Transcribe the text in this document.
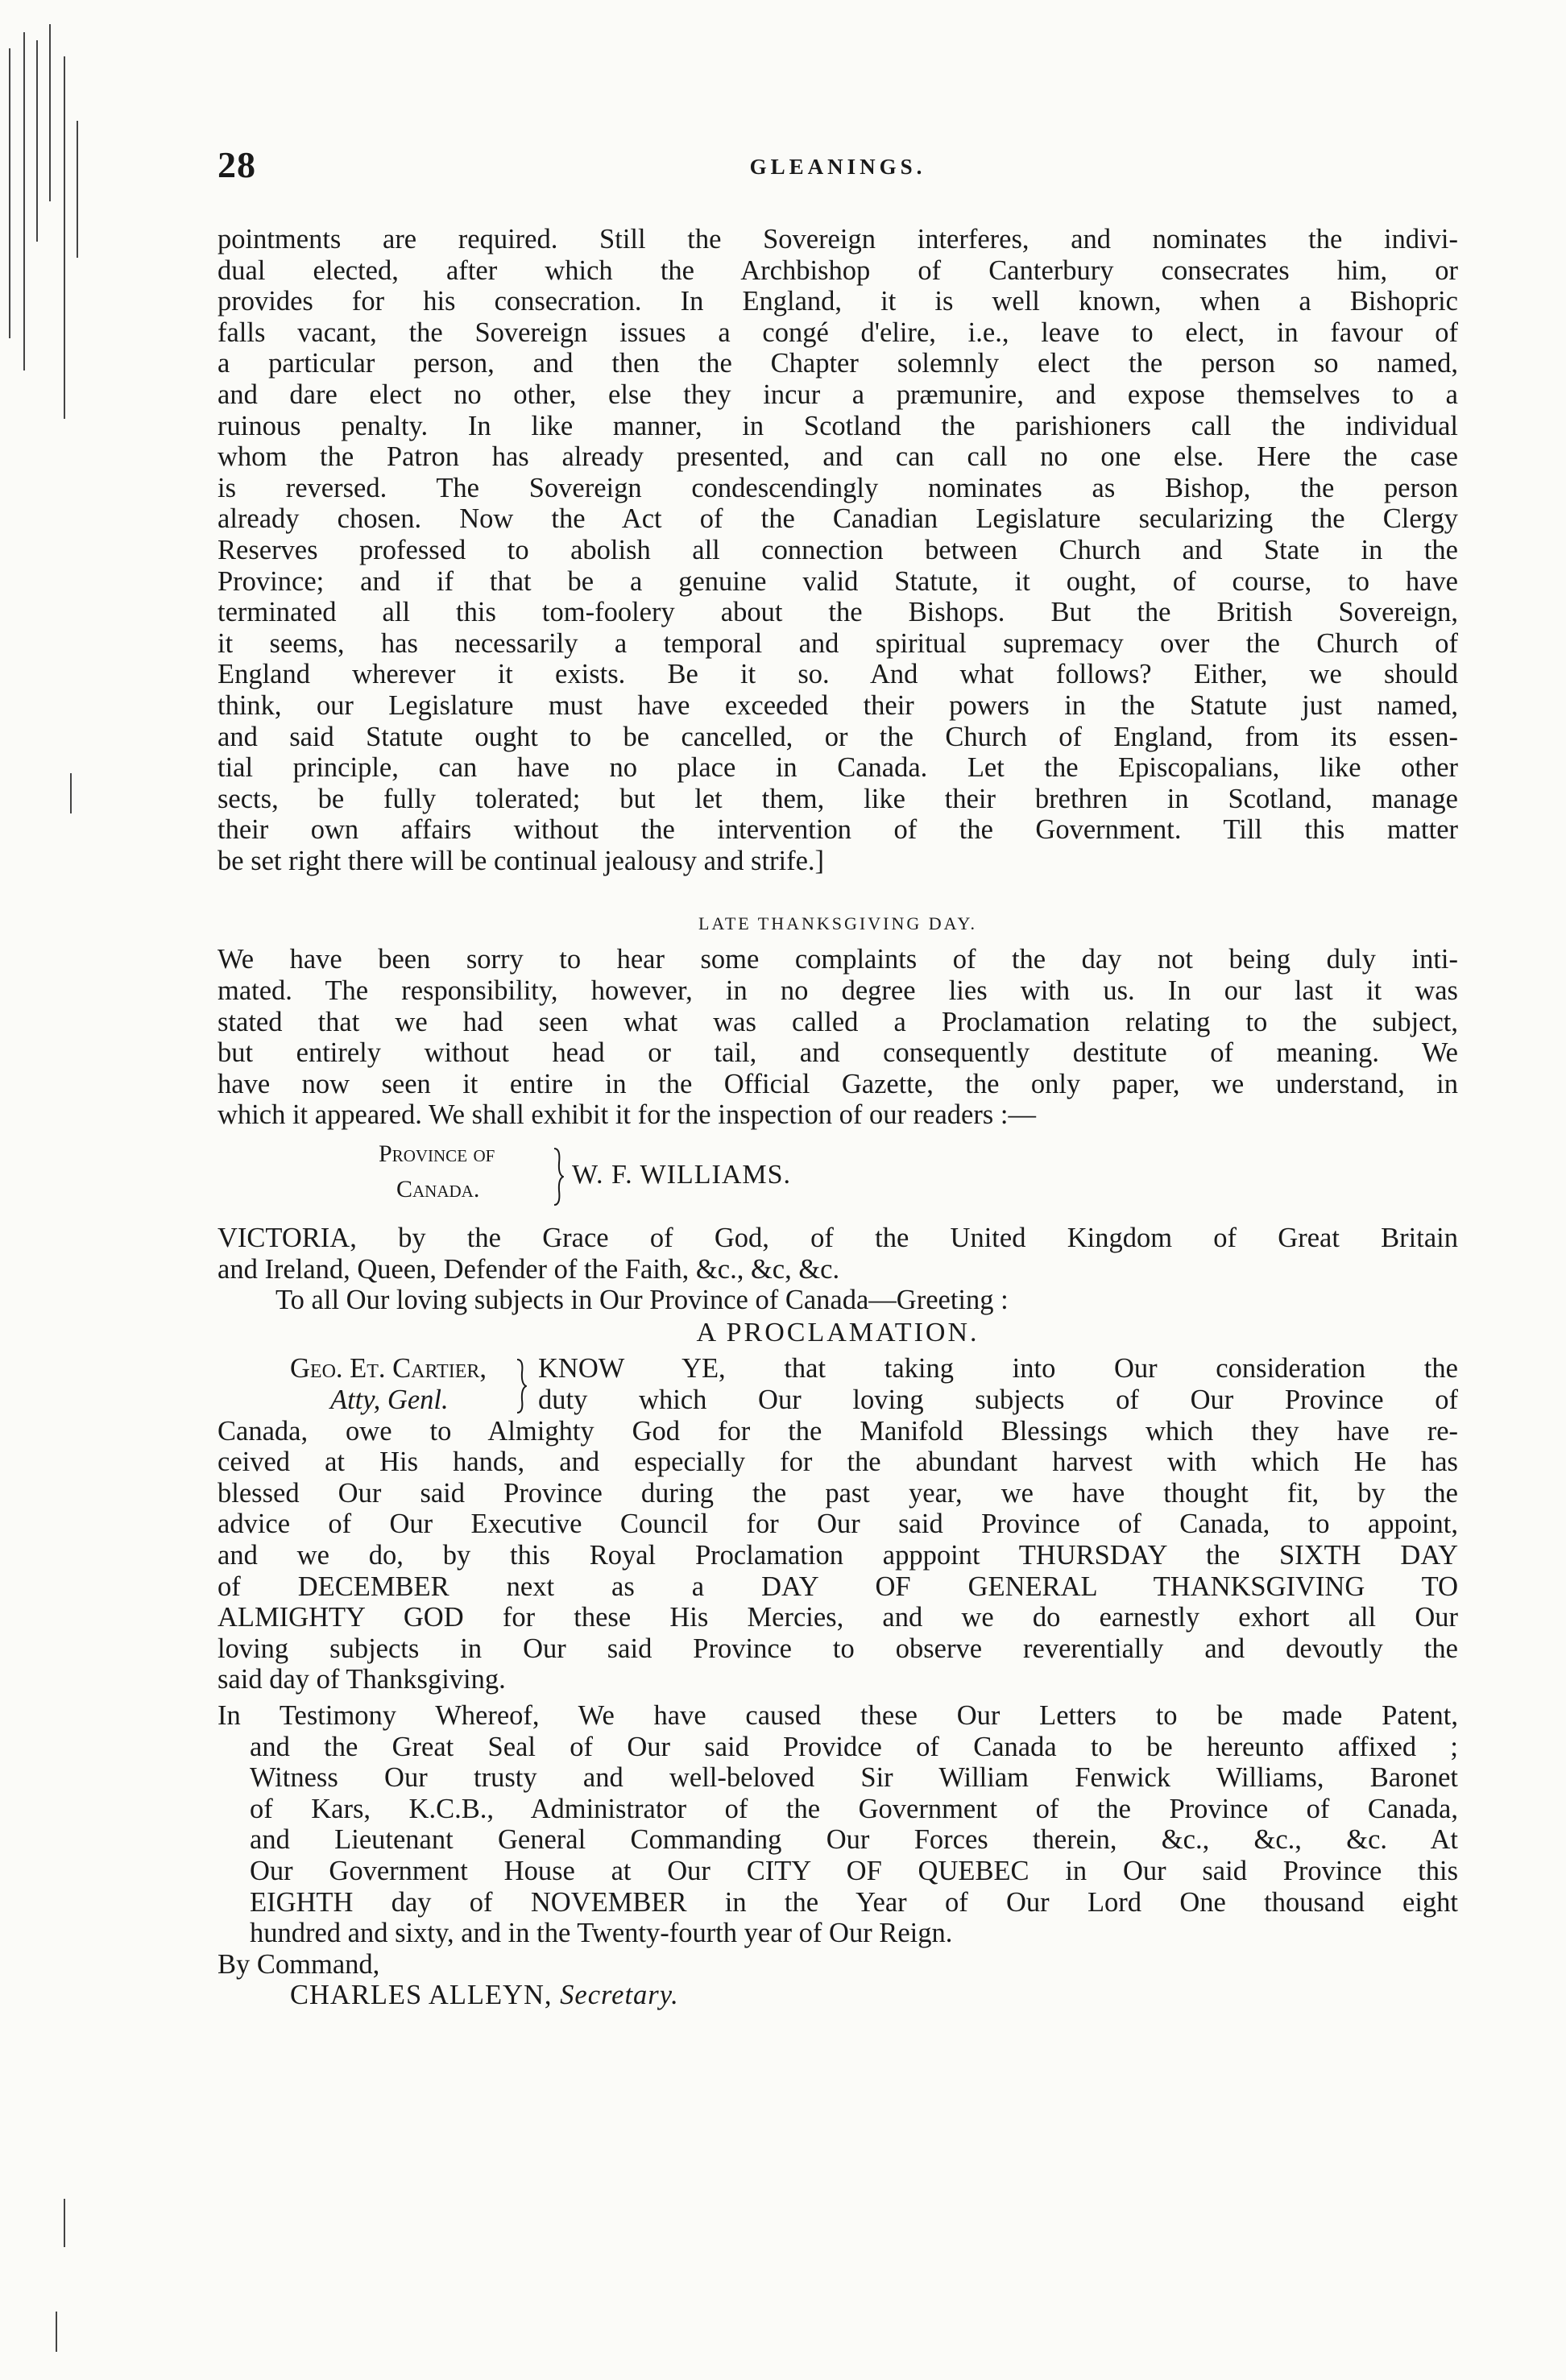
28	GLEANINGS.
pointments are required. Still the Sovereign interferes, and nominates the indivi-
dual elected, after which the Archbishop of Canterbury consecrates him, or
provides for his consecration. In England, it is well known, when a Bishopric
falls vacant, the Sovereign issues a congé d'elire, i.e., leave to elect, in favour of
a particular person, and then the Chapter solemnly elect the person so named,
and dare elect no other, else they incur a præmunire, and expose themselves to a
ruinous penalty. In like manner, in Scotland the parishioners call the individual
whom the Patron has already presented, and can call no one else. Here the case
is reversed. The Sovereign condescendingly nominates as Bishop, the person
already chosen. Now the Act of the Canadian Legislature secularizing the Clergy
Reserves professed to abolish all connection between Church and State in the
Province; and if that be a genuine valid Statute, it ought, of course, to have
terminated all this tom-foolery about the Bishops. But the British Sovereign,
it seems, has necessarily a temporal and spiritual supremacy over the Church of
England wherever it exists. Be it so. And what follows? Either, we should
think, our Legislature must have exceeded their powers in the Statute just named,
and said Statute ought to be cancelled, or the Church of England, from its essen-
tial principle, can have no place in Canada. Let the Episcopalians, like other
sects, be fully tolerated; but let them, like their brethren in Scotland, manage
their own affairs without the intervention of the Government. Till this matter
be set right there will be continual jealousy and strife.]
LATE THANKSGIVING DAY.
We have been sorry to hear some complaints of the day not being duly inti-
mated. The responsibility, however, in no degree lies with us. In our last it was
stated that we had seen what was called a Proclamation relating to the subject,
but entirely without head or tail, and consequently destitute of meaning. We
have now seen it entire in the Official Gazette, the only paper, we understand, in
which it appeared. We shall exhibit it for the inspection of our readers :—
Province of
Canada.	W. F. WILLIAMS.
VICTORIA, by the Grace of God, of the United Kingdom of Great Britain
and Ireland, Queen, Defender of the Faith, &c., &c, &c.
To all Our loving subjects in Our Province of Canada—Greeting :
A PROCLAMATION.
Geo. Et. Cartier,
Atty, Genl.
KNOW YE, that taking into Our consideration the
duty which Our loving subjects of Our Province of
Canada, owe to Almighty God for the Manifold Blessings which they have re-
ceived at His hands, and especially for the abundant harvest with which He has
blessed Our said Province during the past year, we have thought fit, by the
advice of Our Executive Council for Our said Province of Canada, to appoint,
and we do, by this Royal Proclamation apppoint THURSDAY the SIXTH DAY
of DECEMBER next as a DAY OF GENERAL THANKSGIVING TO
ALMIGHTY GOD for these His Mercies, and we do earnestly exhort all Our
loving subjects in Our said Province to observe reverentially and devoutly the
said day of Thanksgiving.
In Testimony Whereof, We have caused these Our Letters to be made Patent,
and the Great Seal of Our said Providce of Canada to be hereunto affixed ;
Witness Our trusty and well-beloved Sir William Fenwick Williams, Baronet
of Kars, K.C.B., Administrator of the Government of the Province of Canada,
and Lieutenant General Commanding Our Forces therein, &c., &c., &c. At
Our Government House at Our CITY OF QUEBEC in Our said Province this
EIGHTH day of NOVEMBER in the Year of Our Lord One thousand eight
hundred and sixty, and in the Twenty-fourth year of Our Reign.
By Command,
CHARLES ALLEYN, Secretary.
